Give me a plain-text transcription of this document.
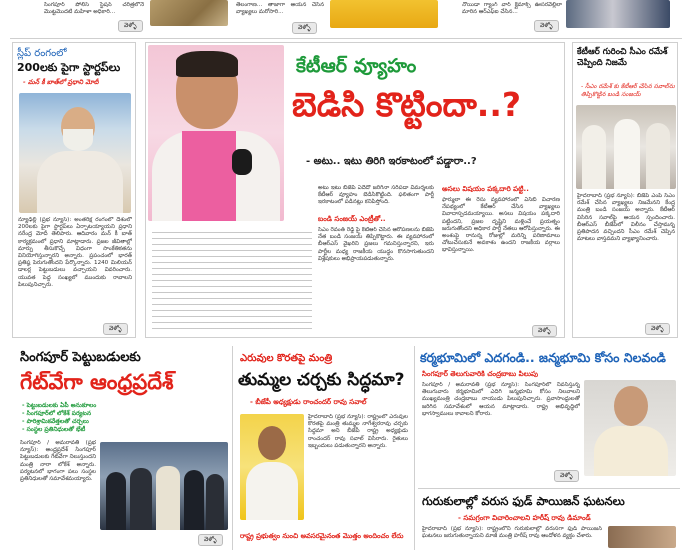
సింగపూర్ పోలీస్ స్టేషన్ చరిత్రలోనే మొట్టమొదటి మహిళా అధికారి...
వెళ్ళో
తెలంగాణ... తాజాగా ఆయన చేసిన వ్యాఖ్యలు మరోసారి...
వెళ్ళో
నోయిడా గ్యాంగ్ వార్ క్లైమాక్స్ ఊసరవెల్లిలా మారిన ఆర్ఎఫ్ఐ చేసిన...
వెళ్ళో
స్లీప్ రంగంలో
200లకు పైగా స్టార్టప్‌లు
- మన్ కీ బాత్‌లో ప్రధాని మోదీ
న్యూఢిల్లీ (ప్రభ న్యూస్): అంతరిక్ష రంగంలో దేశంలో 200లకు పైగా స్టార్టప్‌లు ఏర్పాటయ్యాయని ప్రధాని నరేంద్ర మోదీ తెలిపారు. ఆదివారం మన్ కీ బాత్ కార్యక్రమంలో ప్రధాని మాట్లాడారు. ప్రజల జీవితాల్లో మార్పు తీసుకొచ్చే విధంగా సాంకేతికతను వినియోగిస్తున్నారని అన్నారు. ప్రపంచంలో భారత్ ప్రతిష్ఠ పెరుగుతోందని పేర్కొన్నారు. 1240 మిలియన్ డాలర్ల పెట్టుబడులు వచ్చాయని వివరించారు. యువత పెద్ద సంఖ్యలో ముందుకు రావాలని పిలుపునిచ్చారు.
వెళ్ళో
కేటీఆర్ వ్యూహం
బెడిసి కొట్టిందా..?
- అటు.. ఇటు తిరిగి ఇరకాటంలో పడ్డారా..?
అటు ఇటు బీజేపీ ఏదేదో జరిగినా సరిపడా విమర్శలకు కేటీఆర్ వ్యూహం బెడిసికొట్టింది. ఫలితంగా పార్టీ ఇరకాటంలో పడినట్లు కనిపిస్తోంది.
బండి సంజయ్ ఎంట్రీతో..
సీఎం రేవంత్ రెడ్డి పై కేటీఆర్ చేసిన ఆరోపణలను బీజేపీ నేత బండి సంజయ్ తిప్పికొట్టారు. ఈ వ్యవహారంలో బీఆర్ఎస్ వైఖరిని ప్రజలు గమనిస్తున్నారని, ఇరు పార్టీల మధ్య రాజకీయ యుద్ధం కొనసాగుతుందని విశ్లేషకులు అభిప్రాయపడుతున్నారు.
అసలు విషయం పక్కదారి పట్టి..
ఫార్ములా ఈ రేసు వ్యవహారంలో ఏసీబీ విచారణ నేపథ్యంలో కేటీఆర్ చేసిన వ్యాఖ్యలు వివాదాస్పదమయ్యాయి. అసలు విషయం పక్కదారి పట్టిందని, ప్రజల దృష్టిని మళ్లించే ప్రయత్నం జరుగుతోందని అధికార పార్టీ నేతలు ఆరోపిస్తున్నారు. ఈ అంశంపై రానున్న రోజుల్లో మరిన్ని పరిణామాలు చోటుచేసుకునే అవకాశం ఉందని రాజకీయ వర్గాలు భావిస్తున్నాయి.
వెళ్ళో
కేటీఆర్ గురించి సీఎం రమేశ్ చెప్పింది నిజమే
- సీఎం రమేశ్ కు కేటీఆర్ చేసిన సవాల్‌ను తిప్పికొట్టిన బండి సంజయ్
హైదరాబాద్ (ప్రభ న్యూస్): బీజేపీ ఎంపీ సీఎం రమేశ్ చేసిన వ్యాఖ్యలు నిజమేనని కేంద్ర మంత్రి బండి సంజయ్ అన్నారు. కేటీఆర్ విసిరిన సవాల్‌పై ఆయన స్పందించారు. బీఆర్ఎస్ బీజేపీలో విలీనం చేస్తామన్న ప్రతిపాదన వచ్చిందని సీఎం రమేశ్ చెప్పిన మాటలు వాస్తవమని వ్యాఖ్యానించారు.
వెళ్ళో
సింగపూర్ పెట్టుబడులకు
గేట్‌వేగా ఆంధ్రప్రదేశ్
- పెట్టుబడులకు ఏపీ అనుకూలం
- సింగపూర్‌లో లోకేశ్ పర్యటన
- పారిశ్రామికవేత్తలతో చర్చలు
- సంస్థల ప్రతినిధులతో భేటీ
సింగపూర్ / అమరావతి (ప్రభ న్యూస్): ఆంధ్రప్రదేశ్ సింగపూర్ పెట్టుబడులకు గేట్‌వేగా నిలుస్తుందని మంత్రి నారా లోకేశ్ అన్నారు. పర్యటనలో భాగంగా పలు సంస్థల ప్రతినిధులతో సమావేశమయ్యారు.
వెళ్ళో
ఎరువుల కొరతపై మంత్రి
తుమ్మల చర్చకు సిద్ధమా?
- బీజేపీ అధ్యక్షుడు రాంచందర్ రావు సవాల్
హైదరాబాద్ (ప్రభ న్యూస్): రాష్ట్రంలో ఎరువుల కొరతపై మంత్రి తుమ్మల నాగేశ్వరరావు చర్చకు సిద్ధమా అని బీజేపీ రాష్ట్ర అధ్యక్షుడు రాంచందర్ రావు సవాల్ విసిరారు. రైతులు ఇబ్బందులు పడుతున్నారని అన్నారు.
రాష్ట్ర ప్రభుత్వం నుంచి అవసరమైనంత మొత్తం అందించం లేదు
కర్మభూమిలో ఎదగండి.. జన్మభూమి కోసం నిలవండి
సింగపూర్ తెలుగువారికి చంద్రబాబు పిలుపు
సింగపూర్ / అమరావతి (ప్రభ న్యూస్): సింగపూర్‌లో నివసిస్తున్న తెలుగువారు కర్మభూమిలో ఎదిగి జన్మభూమి కోసం నిలవాలని ముఖ్యమంత్రి చంద్రబాబు నాయుడు పిలుపునిచ్చారు. ప్రవాసాంధ్రులతో జరిగిన సమావేశంలో ఆయన మాట్లాడారు. రాష్ట్ర అభివృద్ధిలో భాగస్వాములు కావాలని కోరారు.
వెళ్ళో
గురుకులాల్లో వరుస ఫుడ్ పాయిజన్ ఘటనలు
- సమగ్రంగా విచారించాలని హరీష్ రావు డిమాండ్
హైదరాబాద్ (ప్రభ న్యూస్): రాష్ట్రంలోని గురుకులాల్లో వరుసగా ఫుడ్ పాయిజన్ ఘటనలు జరుగుతున్నాయని మాజీ మంత్రి హరీష్ రావు ఆందోళన వ్యక్తం చేశారు.
